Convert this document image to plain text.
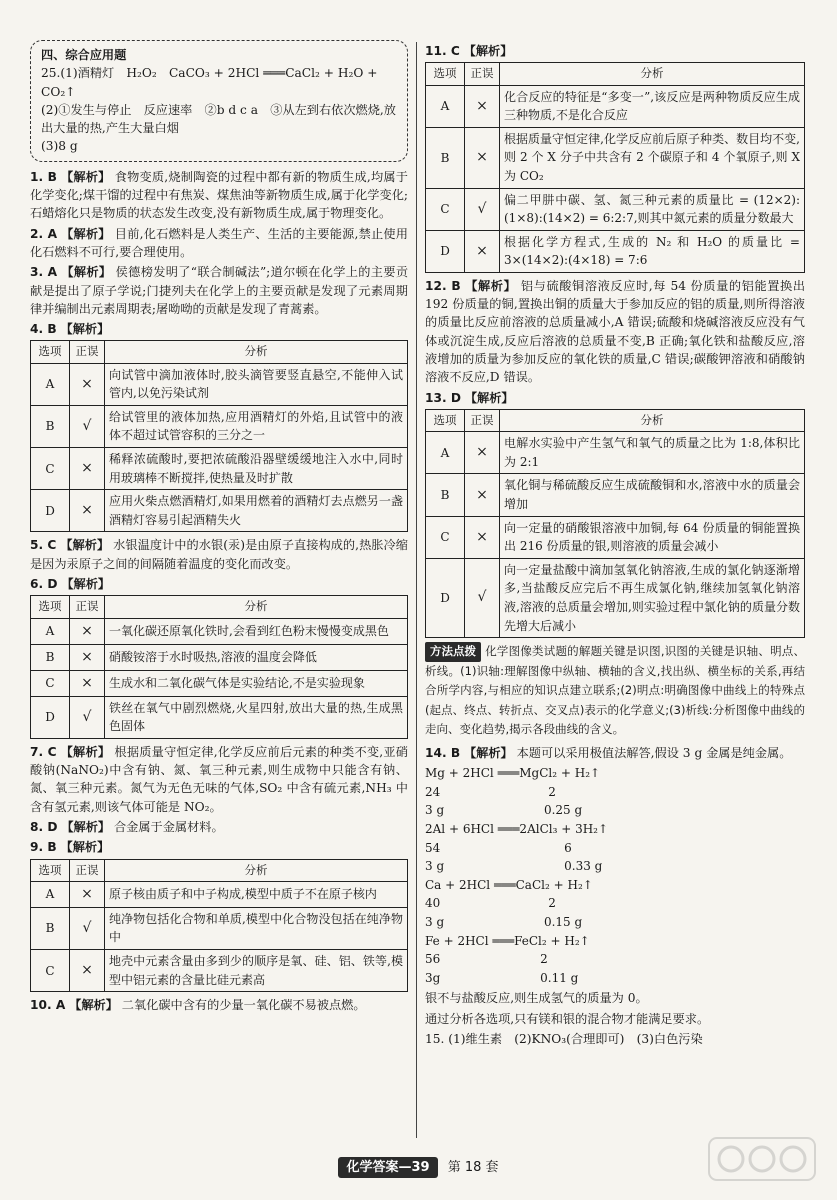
四、综合应用题

25.(1)酒精灯　H₂O₂　CaCO₃ + 2HCl ═══CaCl₂ + H₂O + CO₂↑

(2)①发生与停止　反应速率　②b d c a　③从左到右依次燃烧,放出大量的热,产生大量白烟

(3)8 g

1. B 【解析】 食物变质,烧制陶瓷的过程中都有新的物质生成,均属于化学变化;煤干馏的过程中有焦炭、煤焦油等新物质生成,属于化学变化;石蜡熔化只是物质的状态发生改变,没有新物质生成,属于物理变化。
2. A 【解析】 目前,化石燃料是人类生产、生活的主要能源,禁止使用化石燃料不可行,要合理使用。
3. A 【解析】 侯德榜发明了“联合制碱法”;道尔顿在化学上的主要贡献是提出了原子学说;门捷列夫在化学上的主要贡献是发现了元素周期律并编制出元素周期表;屠呦呦的贡献是发现了青蒿素。
4. B 【解析】
选项	正误	分析
A	×	向试管中滴加液体时,胶头滴管要竖直悬空,不能伸入试管内,以免污染试剂
B	√	给试管里的液体加热,应用酒精灯的外焰,且试管中的液体不超过试管容积的三分之一
C	×	稀释浓硫酸时,要把浓硫酸沿器壁缓缓地注入水中,同时用玻璃棒不断搅拌,使热量及时扩散
D	×	应用火柴点燃酒精灯,如果用燃着的酒精灯去点燃另一盏酒精灯容易引起酒精失火
5. C 【解析】 水银温度计中的水银(汞)是由原子直接构成的,热胀冷缩是因为汞原子之间的间隔随着温度的变化而改变。
6. D 【解析】
选项	正误	分析
A	×	一氧化碳还原氧化铁时,会看到红色粉末慢慢变成黑色
B	×	硝酸铵溶于水时吸热,溶液的温度会降低
C	×	生成水和二氧化碳气体是实验结论,不是实验现象
D	√	铁丝在氧气中剧烈燃烧,火星四射,放出大量的热,生成黑色固体
7. C 【解析】 根据质量守恒定律,化学反应前后元素的种类不变,亚硝酸钠(NaNO₂)中含有钠、氮、氧三种元素,则生成物中只能含有钠、氮、氧三种元素。氮气为无色无味的气体,SO₂ 中含有硫元素,NH₃ 中含有氢元素,则该气体可能是 NO₂。
8. D 【解析】 合金属于金属材料。
9. B 【解析】
选项	正误	分析
A	×	原子核由质子和中子构成,模型中质子不在原子核内
B	√	纯净物包括化合物和单质,模型中化合物没包括在纯净物中
C	×	地壳中元素含量由多到少的顺序是氧、硅、铝、铁等,模型中铝元素的含量比硅元素高
10. A 【解析】 二氧化碳中含有的少量一氧化碳不易被点燃。
11. C 【解析】
选项	正误	分析
A	×	化合反应的特征是“多变一”,该反应是两种物质反应生成三种物质,不是化合反应
B	×	根据质量守恒定律,化学反应前后原子种类、数目均不变,则 2 个 X 分子中共含有 2 个碳原子和 4 个氧原子,则 X 为 CO₂
C	√	偏二甲肼中碳、氢、氮三种元素的质量比 = (12×2):(1×8):(14×2) = 6:2:7,则其中氮元素的质量分数最大
D	×	根据化学方程式,生成的 N₂ 和 H₂O 的质量比 = 3×(14×2):(4×18) = 7:6
12. B 【解析】 铝与硫酸铜溶液反应时,每 54 份质量的铝能置换出 192 份质量的铜,置换出铜的质量大于参加反应的铝的质量,则所得溶液的质量比反应前溶液的总质量减小,A 错误;硫酸和烧碱溶液反应没有气体或沉淀生成,反应后溶液的总质量不变,B 正确;氧化铁和盐酸反应,溶液增加的质量为参加反应的氧化铁的质量,C 错误;碳酸钾溶液和硝酸钠溶液不反应,D 错误。
13. D 【解析】
选项	正误	分析
A	×	电解水实验中产生氢气和氧气的质量之比为 1:8,体积比为 2:1
B	×	氧化铜与稀硫酸反应生成硫酸铜和水,溶液中水的质量会增加
C	×	向一定量的硝酸银溶液中加铜,每 64 份质量的铜能置换出 216 份质量的银,则溶液的质量会减小
D	√	向一定量盐酸中滴加氢氧化钠溶液,生成的氯化钠逐渐增多,当盐酸反应完后不再生成氯化钠,继续加氢氧化钠溶液,溶液的总质量会增加,则实验过程中氯化钠的质量分数先增大后减小
方法点拨 化学图像类试题的解题关键是识图,识图的关键是识轴、明点、析线。(1)识轴:理解图像中纵轴、横轴的含义,找出纵、横坐标的关系,再结合所学内容,与相应的知识点建立联系;(2)明点:明确图像中曲线上的特殊点(起点、终点、转折点、交叉点)表示的化学意义;(3)析线:分析图像中曲线的走向、变化趋势,揭示各段曲线的含义。
14. B 【解析】 本题可以采用极值法解答,假设 3 g 金属是纯金属。

Mg + 2HCl ═══MgCl₂ + H₂↑

24　　　　　　　　　2

3 g　　　　　　　　 0.25 g

2Al + 6HCl ═══2AlCl₃ + 3H₂↑

54　　　　　　　　　　 6

3 g　　　　　　　　　　0.33 g

Ca + 2HCl ═══CaCl₂ + H₂↑

40　　　　　　　　　2

3 g　　　　　　　　 0.15 g

Fe + 2HCl ═══FeCl₂ + H₂↑

56　　　　　　　　 2

3g　　　　　　　　 0.11 g

银不与盐酸反应,则生成氢气的质量为 0。

通过分析各选项,只有镁和银的混合物才能满足要求。

15. (1)维生素　(2)KNO₃(合理即可)　(3)白色污染
化学答案—39 第 18 套
